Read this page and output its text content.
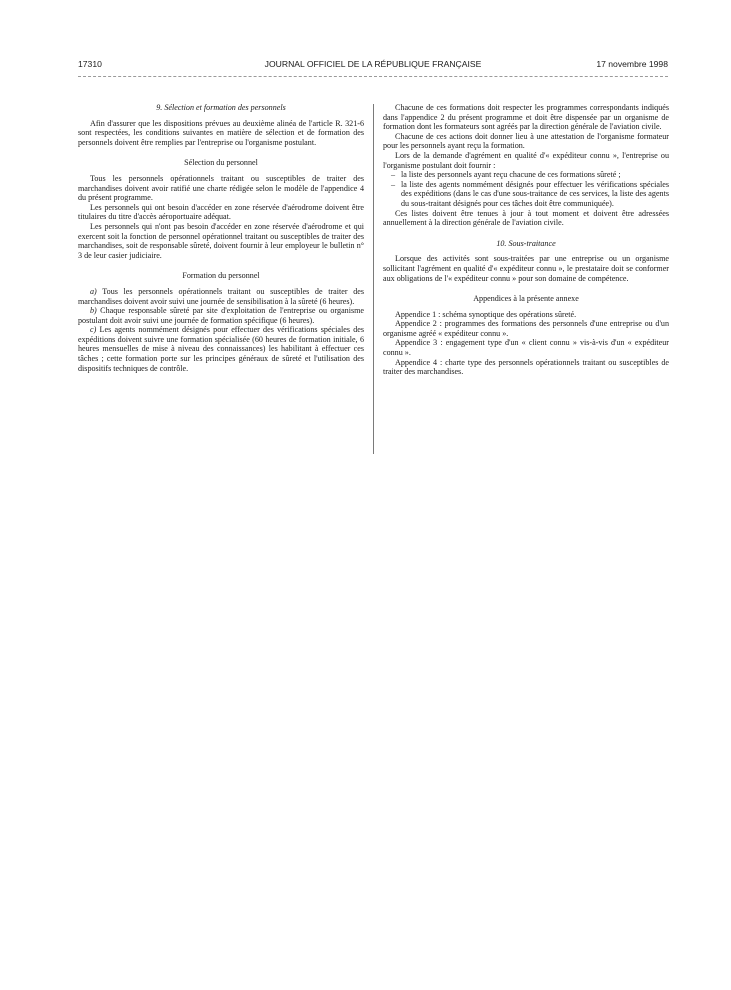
17310	JOURNAL OFFICIEL DE LA RÉPUBLIQUE FRANÇAISE	17 novembre 1998

9. Sélection et formation des personnels

Afin d'assurer que les dispositions prévues au deuxième alinéa de l'article R. 321-6 sont respectées, les conditions suivantes en matière de sélection et de formation des personnels doivent être remplies par l'entreprise ou l'organisme postulant.

Sélection du personnel

Tous les personnels opérationnels traitant ou susceptibles de traiter des marchandises doivent avoir ratifié une charte rédigée selon le modèle de l'appendice 4 du présent programme.

Les personnels qui ont besoin d'accéder en zone réservée d'aérodrome doivent être titulaires du titre d'accès aéroportuaire adéquat.

Les personnels qui n'ont pas besoin d'accéder en zone réservée d'aérodrome et qui exercent soit la fonction de personnel opérationnel traitant ou susceptibles de traiter des marchandises, soit de responsable sûreté, doivent fournir à leur employeur le bulletin n° 3 de leur casier judiciaire.

Formation du personnel

a) Tous les personnels opérationnels traitant ou susceptibles de traiter des marchandises doivent avoir suivi une journée de sensibilisation à la sûreté (6 heures).

b) Chaque responsable sûreté par site d'exploitation de l'entreprise ou organisme postulant doit avoir suivi une journée de formation spécifique (6 heures).

c) Les agents nommément désignés pour effectuer des vérifications spéciales des expéditions doivent suivre une formation spécialisée (60 heures de formation initiale, 6 heures mensuelles de mise à niveau des connaissances) les habilitant à effectuer ces tâches ; cette formation porte sur les principes généraux de sûreté et l'utilisation des dispositifs techniques de contrôle.

Chacune de ces formations doit respecter les programmes correspondants indiqués dans l'appendice 2 du présent programme et doit être dispensée par un organisme de formation dont les formateurs sont agréés par la direction générale de l'aviation civile.

Chacune de ces actions doit donner lieu à une attestation de l'organisme formateur pour les personnels ayant reçu la formation.

Lors de la demande d'agrément en qualité d'« expéditeur connu », l'entreprise ou l'organisme postulant doit fournir :

– la liste des personnels ayant reçu chacune de ces formations sûreté ;
– la liste des agents nommément désignés pour effectuer les vérifications spéciales des expéditions (dans le cas d'une sous-traitance de ces services, la liste des agents du sous-traitant désignés pour ces tâches doit être communiquée).

Ces listes doivent être tenues à jour à tout moment et doivent être adressées annuellement à la direction générale de l'aviation civile.

10. Sous-traitance

Lorsque des activités sont sous-traitées par une entreprise ou un organisme sollicitant l'agrément en qualité d'« expéditeur connu », le prestataire doit se conformer aux obligations de l'« expéditeur connu » pour son domaine de compétence.

Appendices à la présente annexe

Appendice 1 : schéma synoptique des opérations sûreté.

Appendice 2 : programmes des formations des personnels d'une entreprise ou d'un organisme agréé « expéditeur connu ».

Appendice 3 : engagement type d'un « client connu » vis-à-vis d'un « expéditeur connu ».

Appendice 4 : charte type des personnels opérationnels traitant ou susceptibles de traiter des marchandises.
